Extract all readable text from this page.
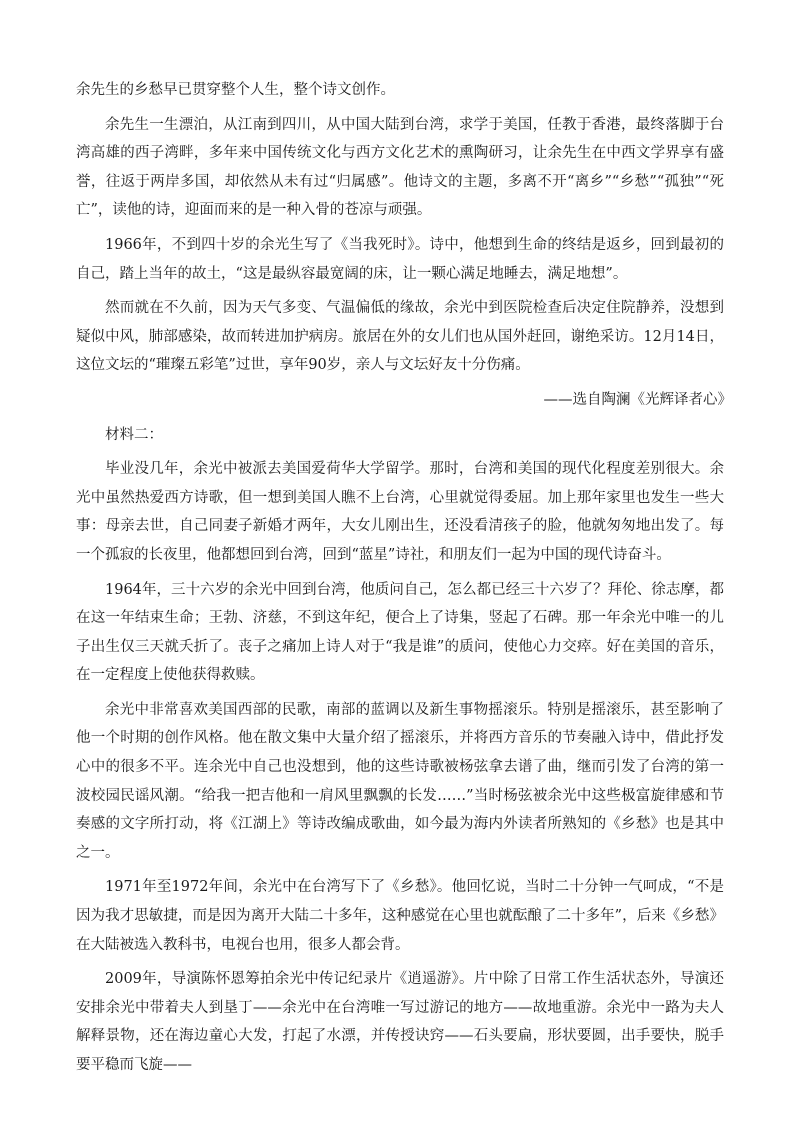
余先生的乡愁早已贯穿整个人生，整个诗文创作。

余先生一生漂泊，从江南到四川，从中国大陆到台湾，求学于美国，任教于香港，最终落脚于台湾高雄的西子湾畔，多年来中国传统文化与西方文化艺术的熏陶研习，让余先生在中西文学界享有盛誉，往返于两岸多国，却依然从未有过“归属感”。他诗文的主题，多离不开“离乡”“乡愁”“孤独”“死亡”，读他的诗，迎面而来的是一种入骨的苍凉与顽强。

1966年，不到四十岁的余光生写了《当我死时》。诗中，他想到生命的终结是返乡，回到最初的自己，踏上当年的故土，“这是最纵容最宽阔的床，让一颗心满足地睡去，满足地想”。

然而就在不久前，因为天气多变、气温偏低的缘故，余光中到医院检查后决定住院静养，没想到疑似中风，肺部感染，故而转进加护病房。旅居在外的女儿们也从国外赶回，谢绝采访。12月14日，这位文坛的“璀璨五彩笔”过世，享年90岁，亲人与文坛好友十分伤痛。

——选自陶澜《光辉译者心》

材料二：

毕业没几年，余光中被派去美国爱荷华大学留学。那时，台湾和美国的现代化程度差别很大。余光中虽然热爱西方诗歌，但一想到美国人瞧不上台湾，心里就觉得委屈。加上那年家里也发生一些大事：母亲去世，自己同妻子新婚才两年，大女儿刚出生，还没看清孩子的脸，他就匆匆地出发了。每一个孤寂的长夜里，他都想回到台湾，回到“蓝星”诗社，和朋友们一起为中国的现代诗奋斗。

1964年，三十六岁的余光中回到台湾，他质问自己，怎么都已经三十六岁了？拜伦、徐志摩，都在这一年结束生命；王勃、济慈，不到这年纪，便合上了诗集，竖起了石碑。那一年余光中唯一的儿子出生仅三天就夭折了。丧子之痛加上诗人对于“我是谁”的质问，使他心力交瘁。好在美国的音乐，在一定程度上使他获得救赎。

余光中非常喜欢美国西部的民歌，南部的蓝调以及新生事物摇滚乐。特别是摇滚乐，甚至影响了他一个时期的创作风格。他在散文集中大量介绍了摇滚乐，并将西方音乐的节奏融入诗中，借此抒发心中的很多不平。连余光中自己也没想到，他的这些诗歌被杨弦拿去谱了曲，继而引发了台湾的第一波校园民谣风潮。“给我一把吉他和一肩风里飘飘的长发……”当时杨弦被余光中这些极富旋律感和节奏感的文字所打动，将《江湖上》等诗改编成歌曲，如今最为海内外读者所熟知的《乡愁》也是其中之一。

1971年至1972年间，余光中在台湾写下了《乡愁》。他回忆说，当时二十分钟一气呵成，“不是因为我才思敏捷，而是因为离开大陆二十多年，这种感觉在心里也就酝酿了二十多年”，后来《乡愁》在大陆被选入教科书，电视台也用，很多人都会背。

2009年，导演陈怀恩筹拍余光中传记纪录片《逍遥游》。片中除了日常工作生活状态外，导演还安排余光中带着夫人到垦丁——余光中在台湾唯一写过游记的地方——故地重游。余光中一路为夫人解释景物，还在海边童心大发，打起了水漂，并传授诀窍——石头要扁，形状要圆，出手要快，脱手要平稳而飞旋——
